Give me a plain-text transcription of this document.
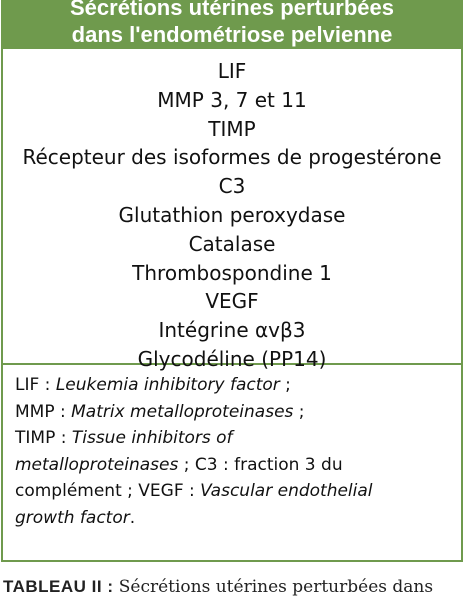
Sécrétions utérines perturbées
dans l'endométriose pelvienne
LIF
MMP 3, 7 et 11
TIMP
Récepteur des isoformes de progestérone
C3
Glutathion peroxydase
Catalase
Thrombospondine 1
VEGF
Intégrine αvβ3
Glycodéline (PP14)
LIF : Leukemia inhibitory factor ;
MMP : Matrix metalloproteinases ;
TIMP : Tissue inhibitors of
metalloproteinases ; C3 : fraction 3 du
complément ; VEGF : Vascular endothelial
growth factor.
TABLEAU II : Sécrétions utérines perturbées dans
